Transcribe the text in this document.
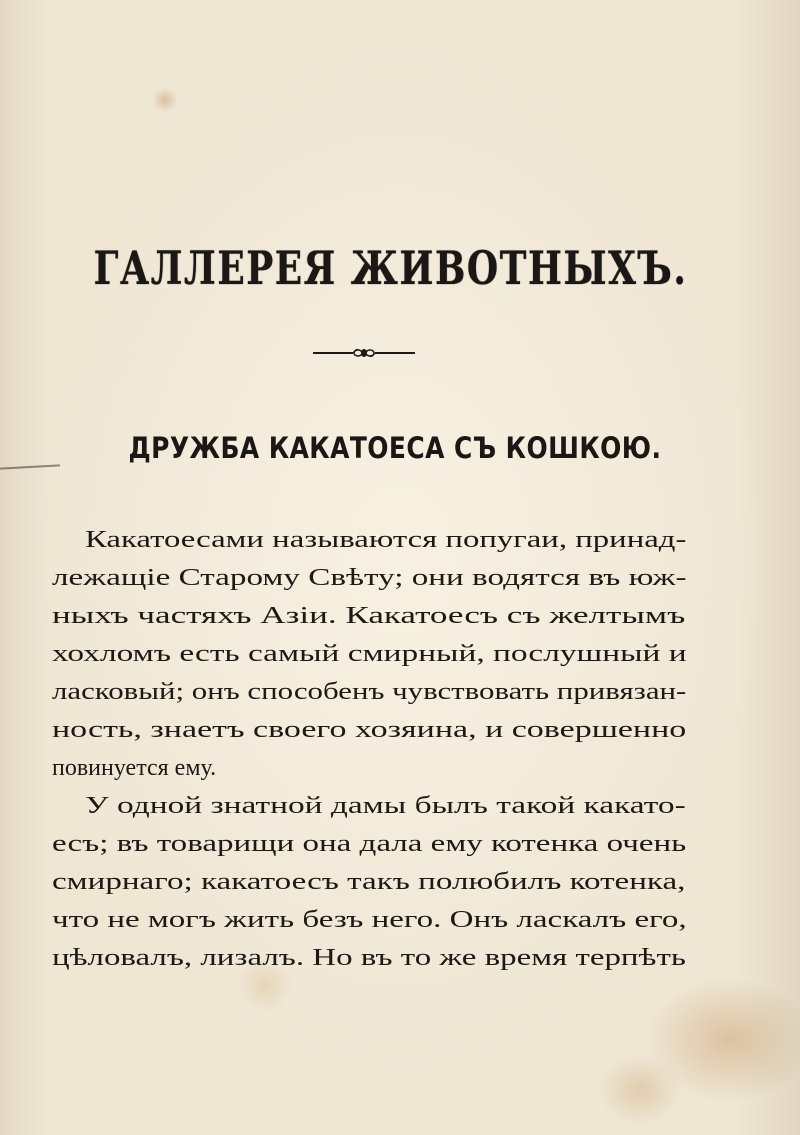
ГАЛЛЕРЕЯ ЖИВОТНЫХЪ.
ДРУЖБА КАКАТОЕСА СЪ КОШКОЮ.
Какатоесами называются попугаи, принад-
лежащіе Старому Свѣту; они водятся въ юж-
ныхъ частяхъ Азіи. Какатоесъ съ желтымъ
хохломъ есть самый смирный, послушный и
ласковый; онъ способенъ чувствовать привязан-
ность, знаетъ своего хозяина, и совершенно
повинуется ему.
У одной знатной дамы былъ такой какато-
есъ; въ товарищи она дала ему котенка очень
смирнаго; какатоесъ такъ полюбилъ котенка,
что не могъ жить безъ него. Онъ ласкалъ его,
цѣловалъ, лизалъ. Но въ то же время терпѣть
